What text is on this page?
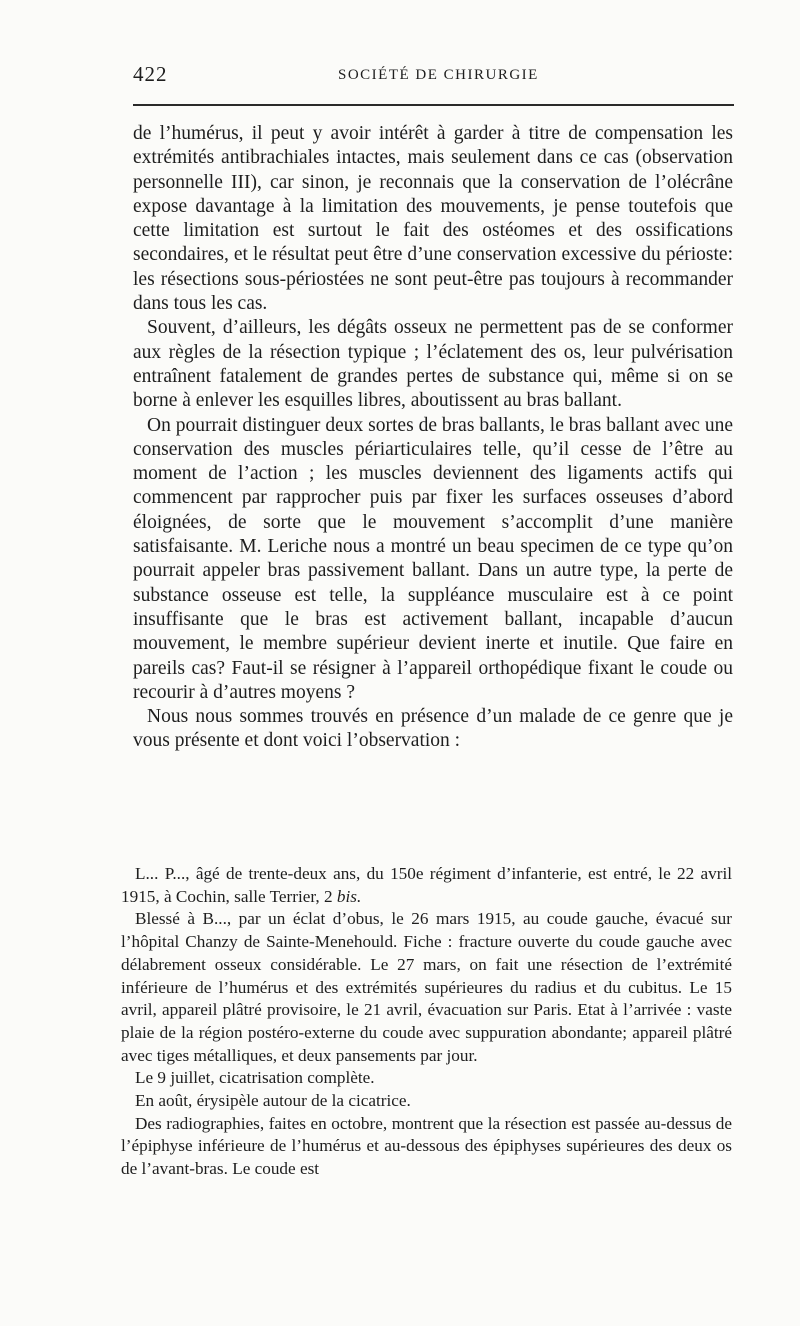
422	SOCIÉTÉ DE CHIRURGIE

de l’humérus, il peut y avoir intérêt à garder à titre de compensation les extrémités antibrachiales intactes, mais seulement dans ce cas (observation personnelle III), car sinon, je reconnais que la conservation de l’olécrâne expose davantage à la limitation des mouvements, je pense toutefois que cette limitation est surtout le fait des ostéomes et des ossifications secondaires, et le résultat peut être d’une conservation excessive du périoste: les résections sous-périostées ne sont peut-être pas toujours à recommander dans tous les cas.

Souvent, d’ailleurs, les dégâts osseux ne permettent pas de se conformer aux règles de la résection typique ; l’éclatement des os, leur pulvérisation entraînent fatalement de grandes pertes de substance qui, même si on se borne à enlever les esquilles libres, aboutissent au bras ballant.

On pourrait distinguer deux sortes de bras ballants, le bras ballant avec une conservation des muscles périarticulaires telle, qu’il cesse de l’être au moment de l’action ; les muscles deviennent des ligaments actifs qui commencent par rapprocher puis par fixer les surfaces osseuses d’abord éloignées, de sorte que le mouvement s’accomplit d’une manière satisfaisante. M. Leriche nous a montré un beau specimen de ce type qu’on pourrait appeler bras passivement ballant. Dans un autre type, la perte de substance osseuse est telle, la suppléance musculaire est à ce point insuffisante que le bras est activement ballant, incapable d’aucun mouvement, le membre supérieur devient inerte et inutile. Que faire en pareils cas? Faut-il se résigner à l’appareil orthopédique fixant le coude ou recourir à d’autres moyens ?

Nous nous sommes trouvés en présence d’un malade de ce genre que je vous présente et dont voici l’observation :

L... P..., âgé de trente-deux ans, du 150e régiment d’infanterie, est entré, le 22 avril 1915, à Cochin, salle Terrier, 2 bis.

Blessé à B..., par un éclat d’obus, le 26 mars 1915, au coude gauche, évacué sur l’hôpital Chanzy de Sainte-Menehould. Fiche : fracture ouverte du coude gauche avec délabrement osseux considérable. Le 27 mars, on fait une résection de l’extrémité inférieure de l’humérus et des extrémités supérieures du radius et du cubitus. Le 15 avril, appareil plâtré provisoire, le 21 avril, évacuation sur Paris. Etat à l’arrivée : vaste plaie de la région postéro-externe du coude avec suppuration abondante; appareil plâtré avec tiges métalliques, et deux pansements par jour.

Le 9 juillet, cicatrisation complète.

En août, érysipèle autour de la cicatrice.

Des radiographies, faites en octobre, montrent que la résection est passée au-dessus de l’épiphyse inférieure de l’humérus et au-dessous des épiphyses supérieures des deux os de l’avant-bras. Le coude est
